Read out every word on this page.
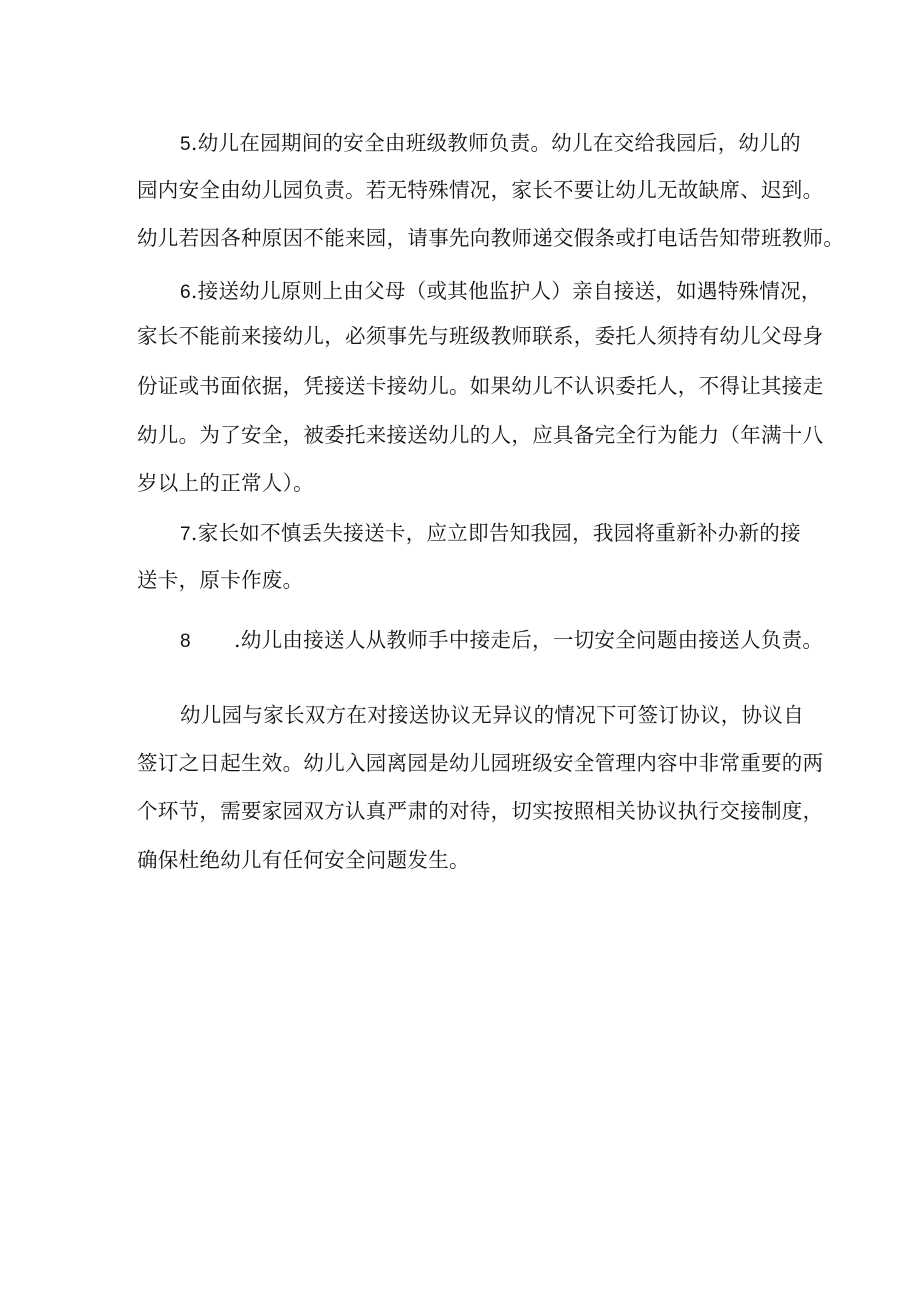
5.幼儿在园期间的安全由班级教师负责。幼儿在交给我园后，幼儿的
园内安全由幼儿园负责。若无特殊情况，家长不要让幼儿无故缺席、迟到。
幼儿若因各种原因不能来园，请事先向教师递交假条或打电话告知带班教师。
6.接送幼儿原则上由父母（或其他监护人）亲自接送，如遇特殊情况，
家长不能前来接幼儿，必须事先与班级教师联系，委托人须持有幼儿父母身
份证或书面依据，凭接送卡接幼儿。如果幼儿不认识委托人，不得让其接走
幼儿。为了安全，被委托来接送幼儿的人，应具备完全行为能力（年满十八
岁以上的正常人）。
7.家长如不慎丢失接送卡，应立即告知我园，我园将重新补办新的接
送卡，原卡作废。
8 .幼儿由接送人从教师手中接走后，一切安全问题由接送人负责。
幼儿园与家长双方在对接送协议无异议的情况下可签订协议，协议自
签订之日起生效。幼儿入园离园是幼儿园班级安全管理内容中非常重要的两
个环节，需要家园双方认真严肃的对待，切实按照相关协议执行交接制度，
确保杜绝幼儿有任何安全问题发生。
